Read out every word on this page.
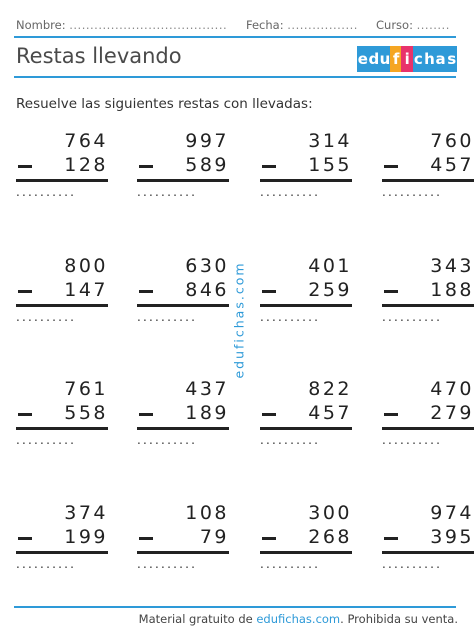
Nombre: ...................................... Fecha: ................. Curso: ........
Restas llevando	e d u f i c h a s
Resuelve las siguientes restas con llevadas:
764
128
..........
997
589
..........
314
155
..........
760
457
..........
800
147
..........
630
846
..........
401
259
..........
343
188
..........
761
558
..........
437
189
..........
822
457
..........
470
279
..........
374
199
..........
108
79
..........
300
268
..........
974
395
..........
edufichas.com
Material gratuito de edufichas.com. Prohibida su venta.
